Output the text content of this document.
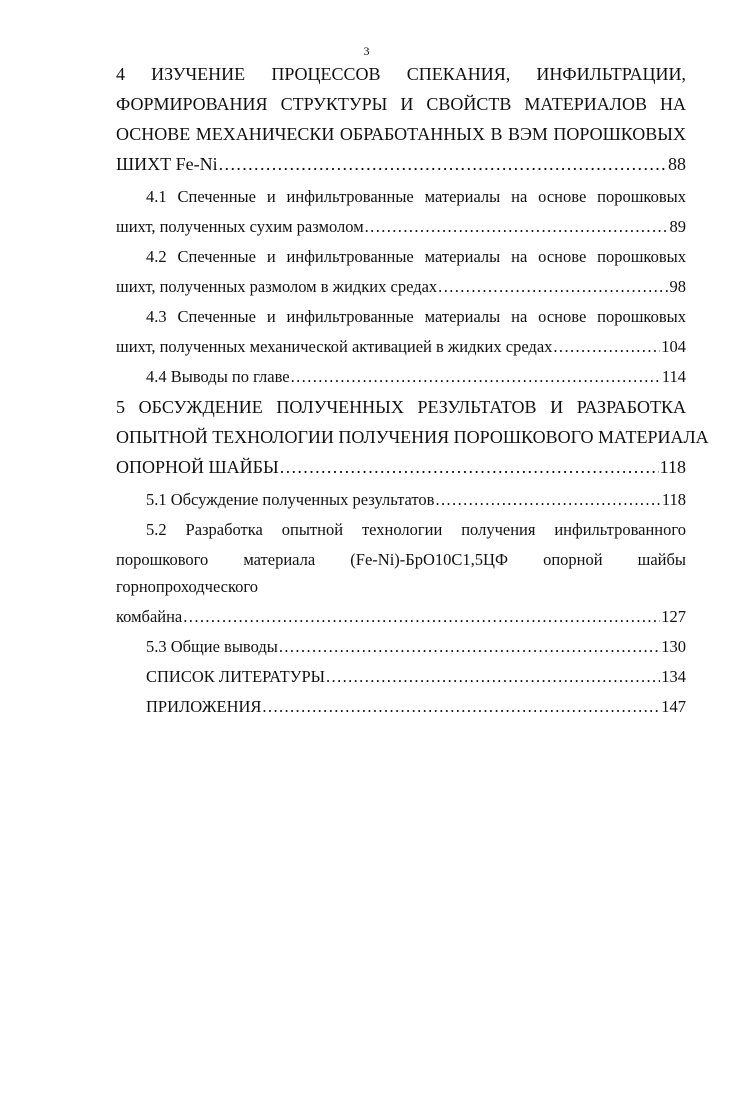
3
4 ИЗУЧЕНИЕ ПРОЦЕССОВ СПЕКАНИЯ, ИНФИЛЬТРАЦИИ,
ФОРМИРОВАНИЯ СТРУКТУРЫ И СВОЙСТВ МАТЕРИАЛОВ НА
ОСНОВЕ МЕХАНИЧЕСКИ ОБРАБОТАННЫХ В ВЭМ ПОРОШКОВЫХ
ШИХТ Fe-Ni .....	88
4.1 Спеченные и инфильтрованные материалы на основе порошковых
шихт, полученных сухим размолом .....	89
4.2 Спеченные и инфильтрованные материалы на основе порошковых
шихт, полученных размолом в жидких средах .....	98
4.3 Спеченные и инфильтрованные материалы на основе порошковых
шихт, полученных механической активацией в жидких средах .....	104
4.4 Выводы по главе .....	114
5 ОБСУЖДЕНИЕ ПОЛУЧЕННЫХ РЕЗУЛЬТАТОВ И РАЗРАБОТКА
ОПЫТНОЙ ТЕХНОЛОГИИ ПОЛУЧЕНИЯ ПОРОШКОВОГО МАТЕРИАЛА
ОПОРНОЙ ШАЙБЫ .....	118
5.1 Обсуждение полученных результатов .....	118
5.2 Разработка опытной технологии получения инфильтрованного
порошкового материала (Fe-Ni)-БрО10С1,5ЦФ опорной шайбы
горнопроходческого
комбайна .....	127
5.3 Общие выводы .....	130
СПИСОК ЛИТЕРАТУРЫ .....	134
ПРИЛОЖЕНИЯ .....	147
